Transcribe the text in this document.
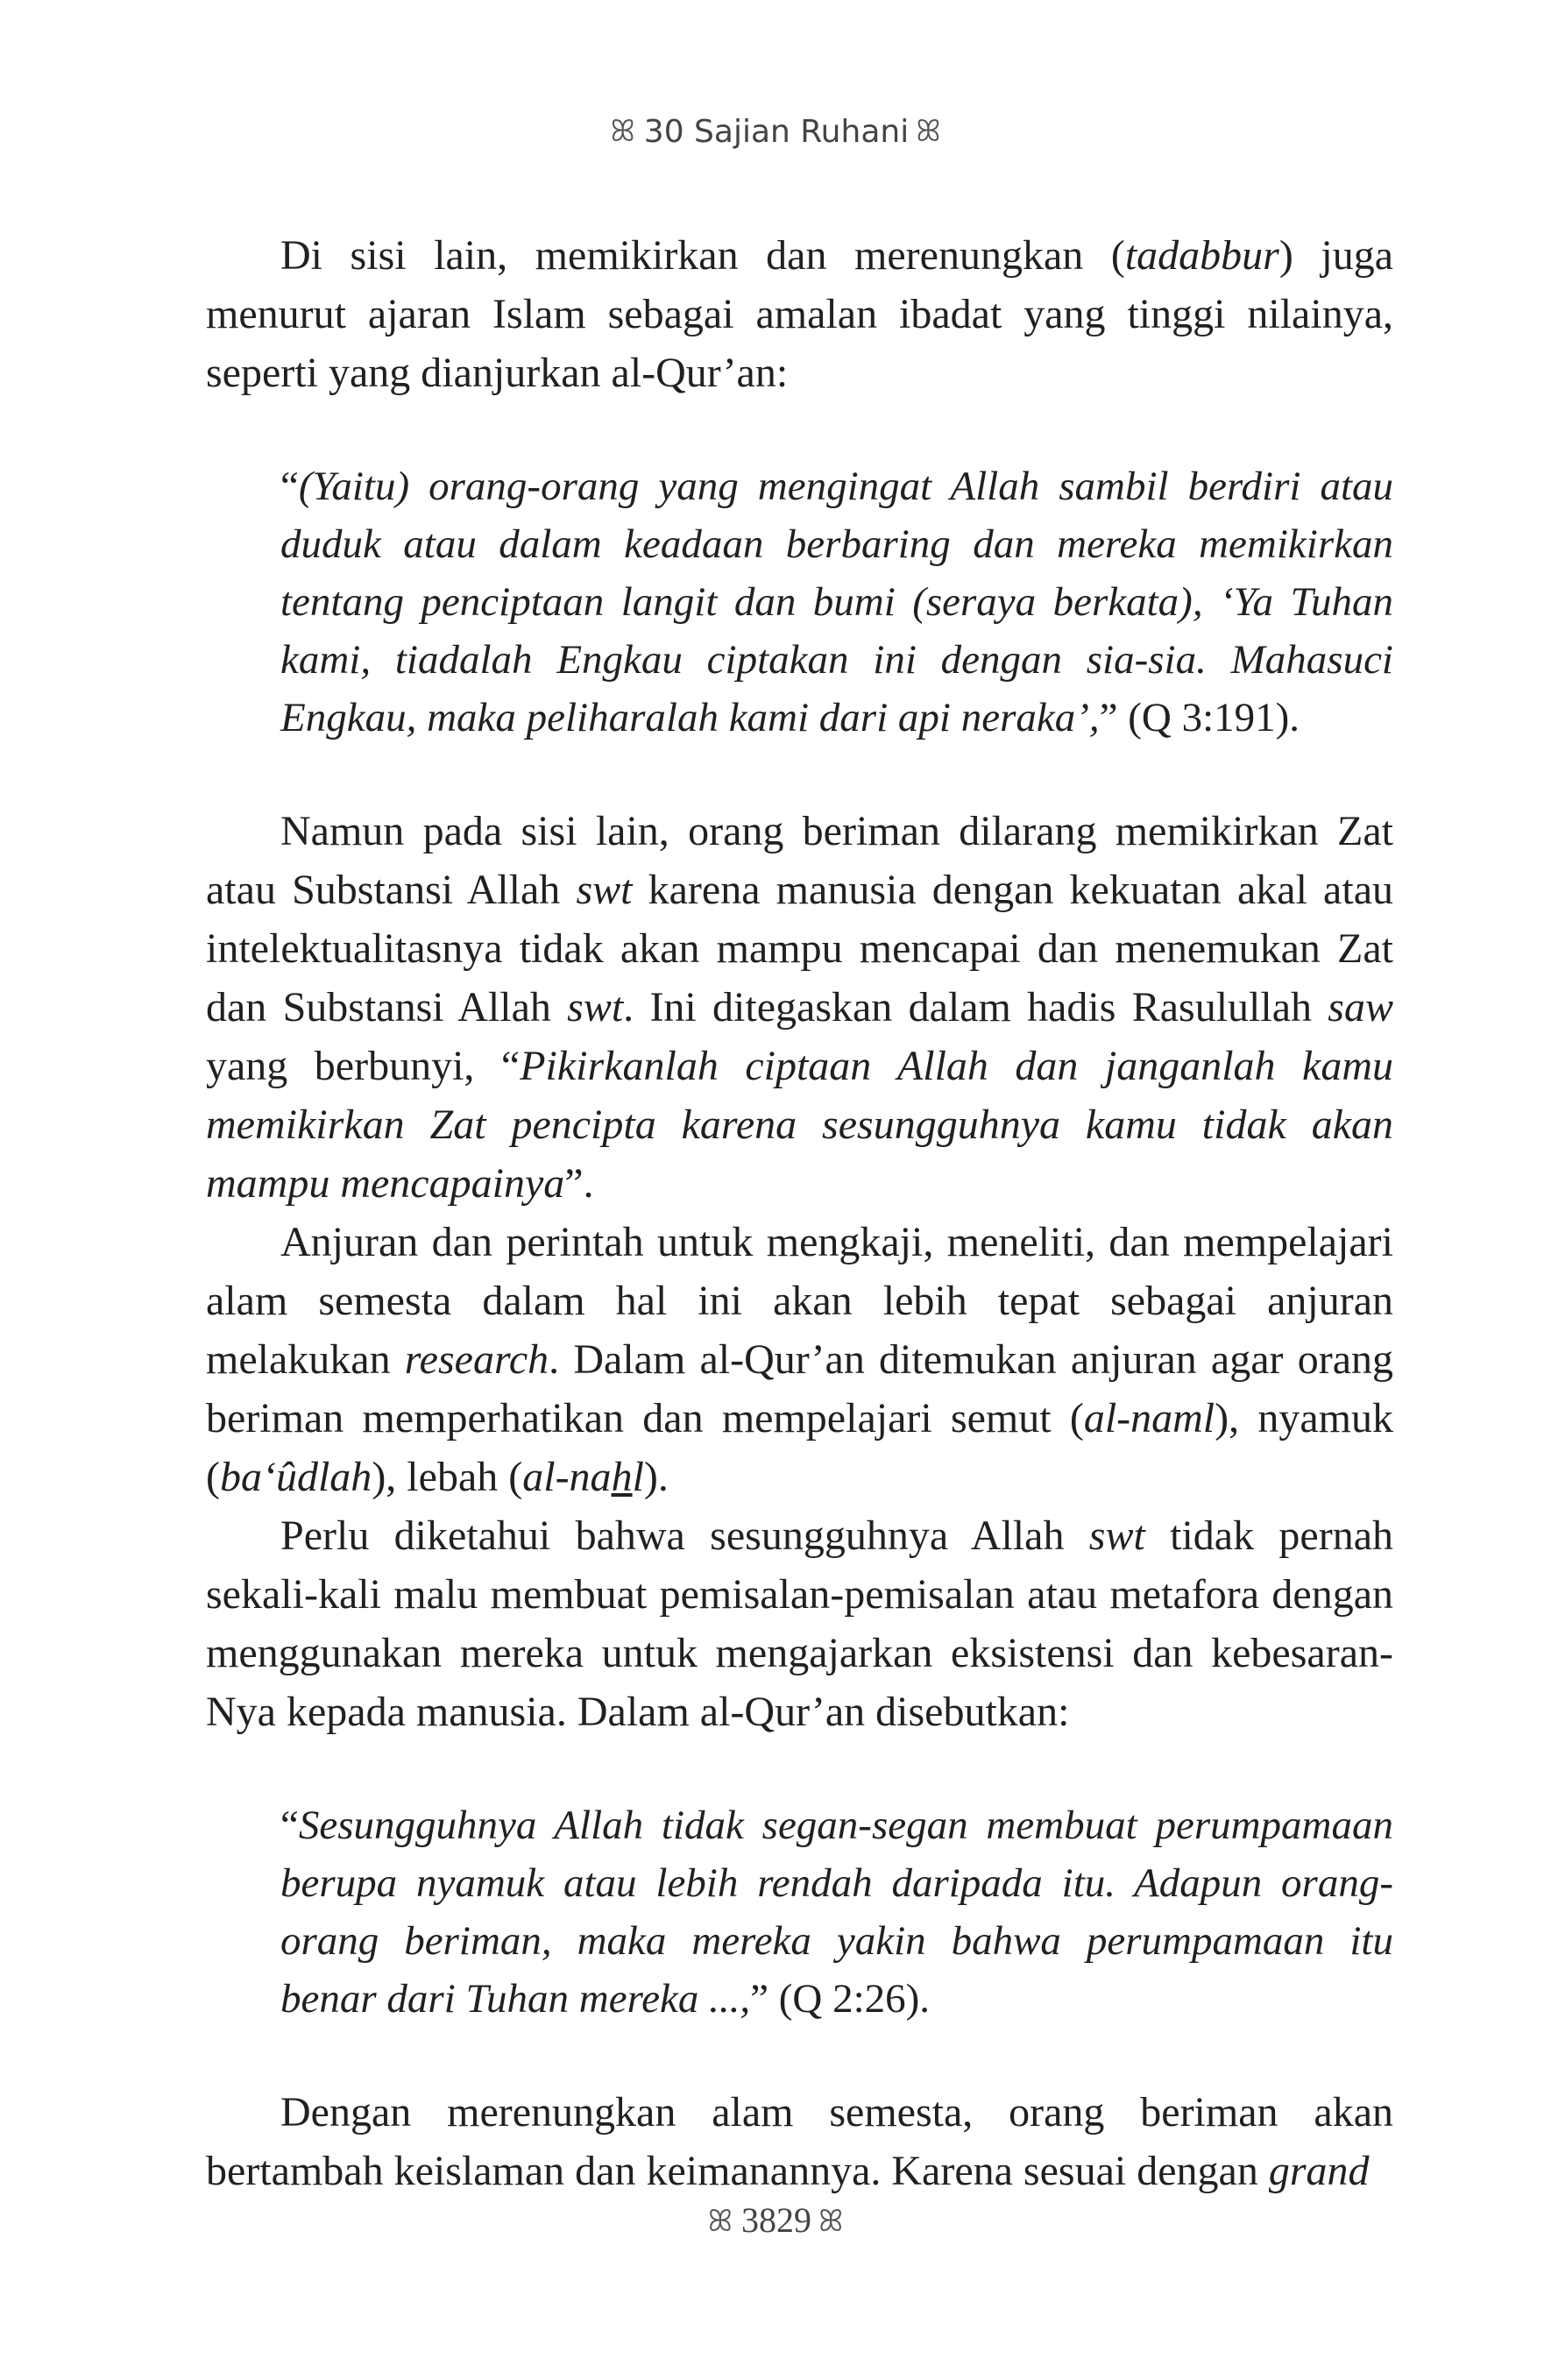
ꕤ 30 Sajian Ruhani ꕤ

Di sisi lain, memikirkan dan merenungkan (tadabbur) juga menurut ajaran Islam sebagai amalan ibadat yang tinggi nilainya, seperti yang dianjurkan al-Qur’an:

“(Yaitu) orang-orang yang mengingat Allah sambil berdiri atau duduk atau dalam keadaan berbaring dan mereka memikirkan tentang penciptaan langit dan bumi (seraya berkata), ‘Ya Tuhan kami, tiadalah Engkau ciptakan ini dengan sia-sia. Mahasuci Engkau, maka peliharalah kami dari api neraka’,” (Q 3:191).

Namun pada sisi lain, orang beriman dilarang memikirkan Zat atau Substansi Allah swt karena manusia dengan kekuatan akal atau intelektualitasnya tidak akan mampu mencapai dan menemukan Zat dan Substansi Allah swt. Ini ditegaskan dalam hadis Rasulullah saw yang berbunyi, “Pikirkanlah ciptaan Allah dan janganlah kamu memikirkan Zat pencipta karena sesungguhnya kamu tidak akan mampu mencapainya”.

Anjuran dan perintah untuk mengkaji, meneliti, dan mempelajari alam semesta dalam hal ini akan lebih tepat sebagai anjuran melakukan research. Dalam al-Qur’an ditemukan anjuran agar orang beriman memperhatikan dan mempelajari semut (al-naml), nyamuk (ba‘ûdlah), lebah (al-nahl).

Perlu diketahui bahwa sesungguhnya Allah swt tidak pernah sekali-kali malu membuat pemisalan-pemisalan atau metafora dengan menggunakan mereka untuk mengajarkan eksistensi dan kebesaran-Nya kepada manusia. Dalam al-Qur’an disebutkan:

“Sesungguhnya Allah tidak segan-segan membuat perumpamaan berupa nyamuk atau lebih rendah daripada itu. Adapun orang-orang beriman, maka mereka yakin bahwa perumpamaan itu benar dari Tuhan mereka ...,” (Q 2:26).

Dengan merenungkan alam semesta, orang beriman akan bertambah keislaman dan keimanannya. Karena sesuai dengan grand

ꕤ 3829 ꕤ
